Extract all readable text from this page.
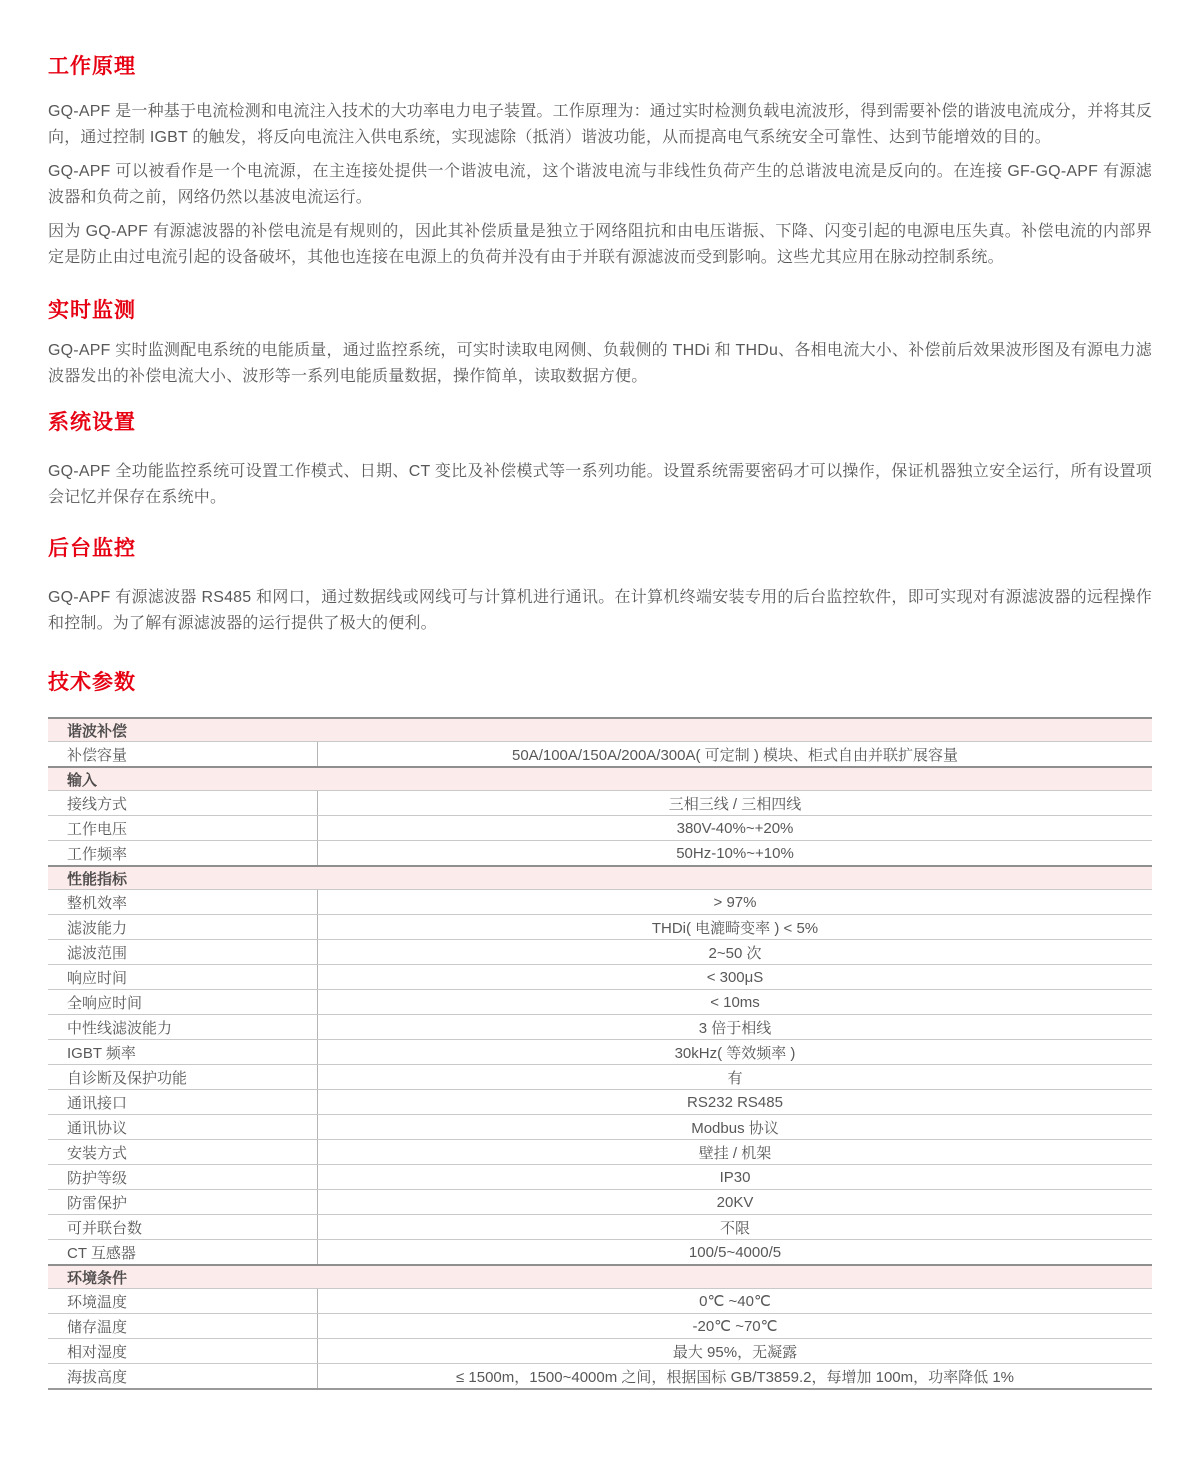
工作原理

GQ-APF 是一种基于电流检测和电流注入技术的大功率电力电子装置。工作原理为：通过实时检测负载电流波形，得到需要补偿的谐波电流成分，并将其反向，通过控制 IGBT 的触发，将反向电流注入供电系统，实现滤除（抵消）谐波功能，从而提高电气系统安全可靠性、达到节能增效的目的。

GQ-APF 可以被看作是一个电流源，在主连接处提供一个谐波电流，这个谐波电流与非线性负荷产生的总谐波电流是反向的。在连接 GF-GQ-APF 有源滤波器和负荷之前，网络仍然以基波电流运行。

因为 GQ-APF 有源滤波器的补偿电流是有规则的，因此其补偿质量是独立于网络阻抗和由电压谐振、下降、闪变引起的电源电压失真。补偿电流的内部界定是防止由过电流引起的设备破坏，其他也连接在电源上的负荷并没有由于并联有源滤波而受到影响。这些尤其应用在脉动控制系统。

实时监测

GQ-APF 实时监测配电系统的电能质量，通过监控系统，可实时读取电网侧、负载侧的 THDi 和 THDu、各相电流大小、补偿前后效果波形图及有源电力滤波器发出的补偿电流大小、波形等一系列电能质量数据，操作简单，读取数据方便。

系统设置

GQ-APF 全功能监控系统可设置工作模式、日期、CT 变比及补偿模式等一系列功能。设置系统需要密码才可以操作，保证机器独立安全运行，所有设置项会记忆并保存在系统中。

后台监控

GQ-APF 有源滤波器 RS485 和网口，通过数据线或网线可与计算机进行通讯。在计算机终端安装专用的后台监控软件，即可实现对有源滤波器的远程操作和控制。为了解有源滤波器的运行提供了极大的便利。

技术参数
谐波补偿
补偿容量	50A/100A/150A/200A/300A( 可定制 ) 模块、柜式自由并联扩展容量
输入
接线方式	三相三线 / 三相四线
工作电压	380V-40%~+20%
工作频率	50Hz-10%~+10%
性能指标
整机效率	> 97%
滤波能力	THDi( 电漉畸变率 ) < 5%
滤波范围	2~50 次
响应时间	< 300μS
全响应时间	< 10ms
中性线滤波能力	3 倍于相线
IGBT 频率	30kHz( 等效频率 )
自诊断及保护功能	有
通讯接口	RS232 RS485
通讯协议	Modbus 协议
安装方式	壁挂 / 机架
防护等级	IP30
防雷保护	20KV
可并联台数	不限
CT 互感器	100/5~4000/5
环境条件
环境温度	0℃ ~40℃
储存温度	-20℃ ~70℃
相对湿度	最大 95%，无凝露
海拔高度	≤ 1500m，1500~4000m 之间，根据国标 GB/T3859.2，每增加 100m，功率降低 1%
